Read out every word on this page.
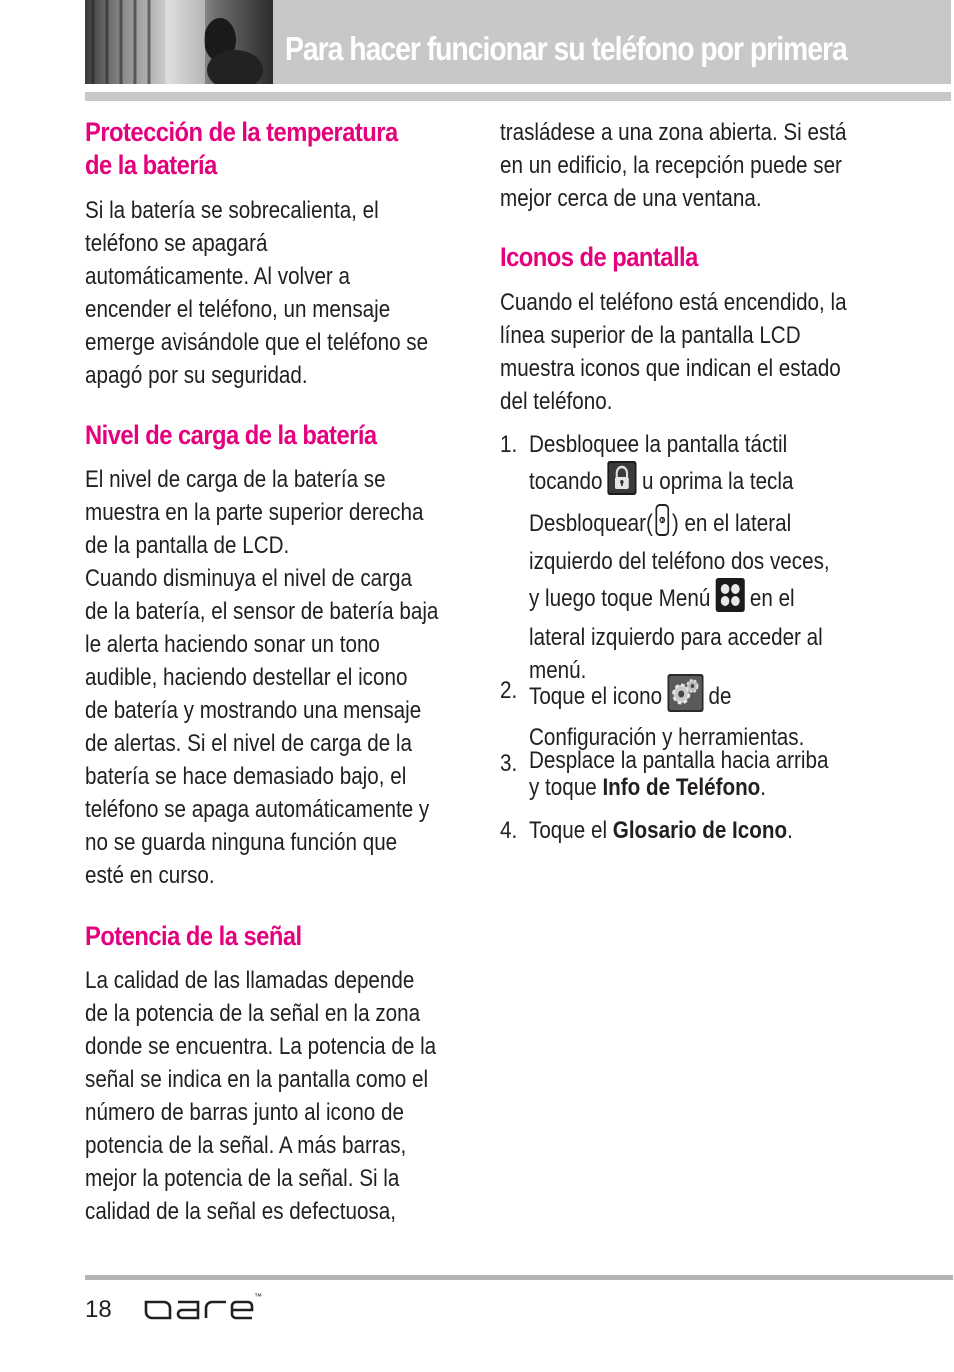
Para hacer funcionar su teléfono por primera
Protección de la temperatura
de la batería

Si la batería se sobrecalienta, el
teléfono se apagará
automáticamente. Al volver a
encender el teléfono, un mensaje
emerge avisándole que el teléfono se
apagó por su seguridad.

Nivel de carga de la batería

El nivel de carga de la batería se
muestra en la parte superior derecha
de la pantalla de LCD.
Cuando disminuya el nivel de carga
de la batería, el sensor de batería baja
le alerta haciendo sonar un tono
audible, haciendo destellar el icono
de batería y mostrando una mensaje
de alertas. Si el nivel de carga de la
batería se hace demasiado bajo, el
teléfono se apaga automáticamente y
no se guarda ninguna función que
esté en curso.

Potencia de la señal

La calidad de las llamadas depende
de la potencia de la señal en la zona
donde se encuentra. La potencia de la
señal se indica en la pantalla como el
número de barras junto al icono de
potencia de la señal. A más barras,
mejor la potencia de la señal. Si la
calidad de la señal es defectuosa,

trasládese a una zona abierta. Si está
en un edificio, la recepción puede ser
mejor cerca de una ventana.

Iconos de pantalla

Cuando el teléfono está encendido, la
línea superior de la pantalla LCD
muestra iconos que indican el estado
del teléfono.

1. Desbloquee la pantalla táctil
tocando u oprima la tecla
Desbloquear( ) en el lateral
izquierdo del teléfono dos veces,
y luego toque Menú en el
lateral izquierdo para acceder al
menú.
2. Toque el icono de
Configuración y herramientas.
3. Desplace la pantalla hacia arriba
y toque Info de Teléfono.
4. Toque el Glosario de Icono.

18	™
